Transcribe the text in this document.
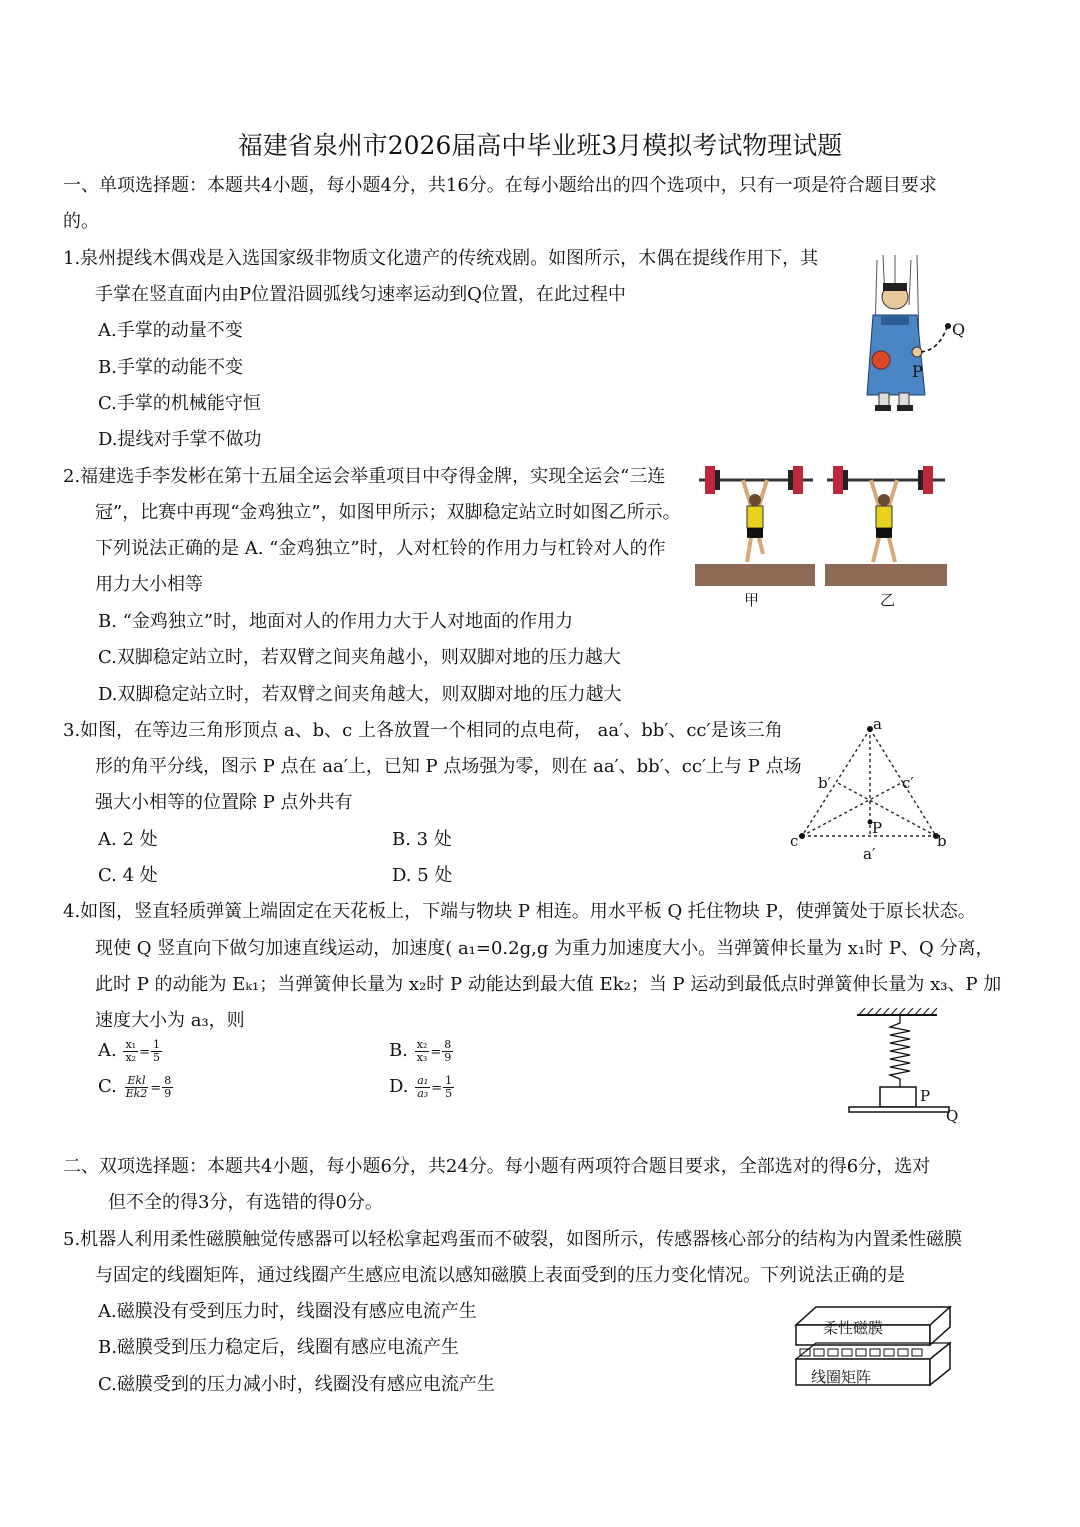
福建省泉州市2026届高中毕业班3月模拟考试物理试题
一、单项选择题：本题共4小题，每小题4分，共16分。在每小题给出的四个选项中，只有一项是符合题目要求
的。
1.泉州提线木偶戏是入选国家级非物质文化遗产的传统戏剧。如图所示，木偶在提线作用下，其
手掌在竖直面内由P位置沿圆弧线匀速率运动到Q位置，在此过程中
A.手掌的动量不变
B.手掌的动能不变
C.手掌的机械能守恒
D.提线对手掌不做功
P
Q
2.福建选手李发彬在第十五届全运会举重项目中夺得金牌，实现全运会“三连
冠”，比赛中再现“金鸡独立”，如图甲所示；双脚稳定站立时如图乙所示。
下列说法正确的是 A. “金鸡独立”时，人对杠铃的作用力与杠铃对人的作
用力大小相等
B. “金鸡独立”时，地面对人的作用力大于人对地面的作用力
C.双脚稳定站立时，若双臂之间夹角越小，则双脚对地的压力越大
D.双脚稳定站立时，若双臂之间夹角越大，则双脚对地的压力越大
甲	乙
3.如图，在等边三角形顶点 a、b、c 上各放置一个相同的点电荷， aa′、bb′、cc′是该三角
形的角平分线，图示 P 点在 aa′上，已知 P 点场强为零，则在 aa′、bb′、cc′上与 P 点场
强大小相等的位置除 P 点外共有
A. 2 处	B. 3 处
C. 4 处	D. 5 处
a
b
c
a′
b′	c′
P
4.如图，竖直轻质弹簧上端固定在天花板上，下端与物块 P 相连。用水平板 Q 托住物块 P，使弹簧处于原长状态。
现使 Q 竖直向下做匀加速直线运动，加速度( a₁=0.2g,g 为重力加速度大小。当弹簧伸长量为 x₁时 P、Q 分离，
此时 P 的动能为 Eₖ₁；当弹簧伸长量为 x₂时 P 动能达到最大值 Ek₂；当 P 运动到最低点时弹簧伸长量为 x₃、P 加
速度大小为 a₃，则
A. $\frac{\text{x₁}}{\text{x₂}} = \frac{1}{5}$	B. $\frac{\text{x₂}}{\text{x₃}} = \frac{8}{9}$
C. $\frac{\text{Ekl}}{Ek2} = \frac{8}{9}$	D. $\frac{\text{a₁}}{\text{a₃}} = \frac{1}{5}$	P
Q
二、双项选择题：本题共4小题，每小题6分，共24分。每小题有两项符合题目要求，全部选对的得6分，选对
但不全的得3分，有选错的得0分。
5.机器人利用柔性磁膜触觉传感器可以轻松拿起鸡蛋而不破裂，如图所示，传感器核心部分的结构为内置柔性磁膜
与固定的线圈矩阵，通过线圈产生感应电流以感知磁膜上表面受到的压力变化情况。下列说法正确的是
A.磁膜没有受到压力时，线圈没有感应电流产生
B.磁膜受到压力稳定后，线圈有感应电流产生
C.磁膜受到的压力减小时，线圈没有感应电流产生
柔性磁膜
线圈矩阵
